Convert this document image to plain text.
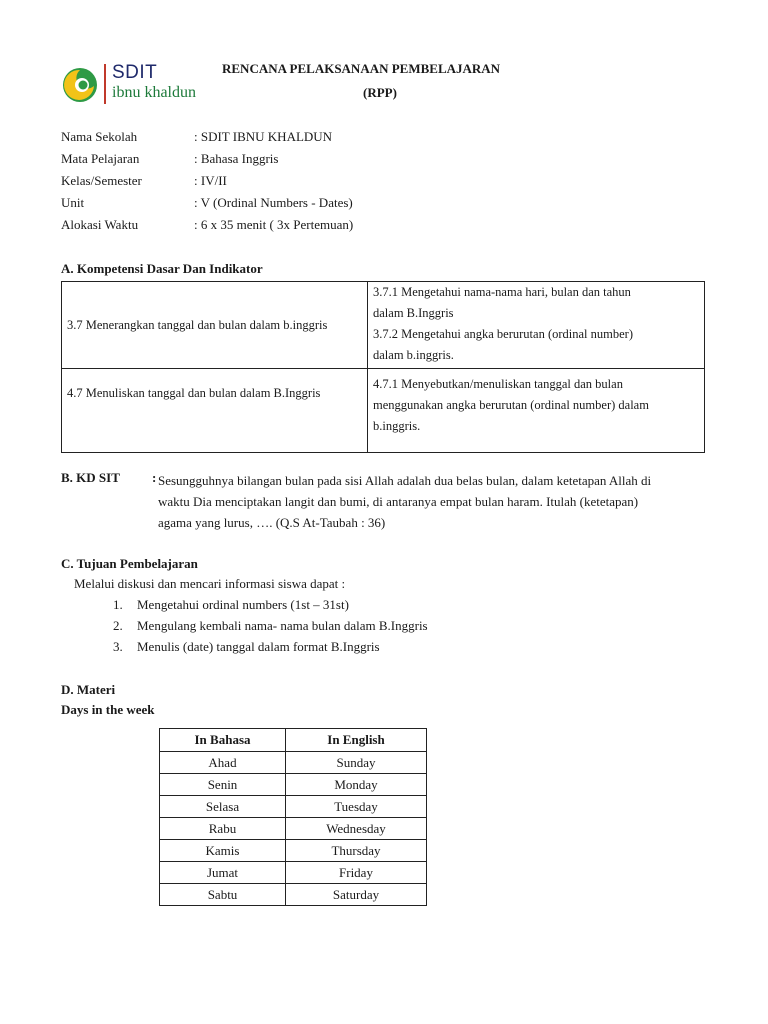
SDIT
ibnu khaldun
RENCANA PELAKSANAAN PEMBELAJARAN
(RPP)
Nama Sekolah	: SDIT IBNU KHALDUN
Mata Pelajaran	: Bahasa Inggris
Kelas/Semester	: IV/II
Unit	: V (Ordinal Numbers - Dates)
Alokasi Waktu	: 6 x 35 menit ( 3x Pertemuan)
A. Kompetensi Dasar Dan Indikator
3.7 Menerangkan tanggal dan bulan dalam b.inggris	3.7.1 Mengetahui nama-nama hari, bulan dan tahun
dalam B.Inggris
3.7.2 Mengetahui angka berurutan (ordinal number)
dalam b.inggris.

4.7 Menuliskan tanggal dan bulan dalam B.Inggris	4.7.1 Menyebutkan/menuliskan tanggal dan bulan
menggunakan angka berurutan (ordinal number) dalam
b.inggris.
B. KD SIT : Sesungguhnya bilangan bulan pada sisi Allah adalah dua belas bulan, dalam ketetapan Allah di
waktu Dia menciptakan langit dan bumi, di antaranya empat bulan haram. Itulah (ketetapan)
agama yang lurus, …. (Q.S At-Taubah : 36)
C. Tujuan Pembelajaran
Melalui diskusi dan mencari informasi siswa dapat :
1.	Mengetahui ordinal numbers (1st – 31st)
2.	Mengulang kembali nama- nama bulan dalam B.Inggris
3.	Menulis (date) tanggal dalam format B.Inggris
D. Materi
Days in the week
In Bahasa	In English
Ahad	Sunday
Senin	Monday
Selasa	Tuesday
Rabu	Wednesday
Kamis	Thursday
Jumat	Friday
Sabtu	Saturday
